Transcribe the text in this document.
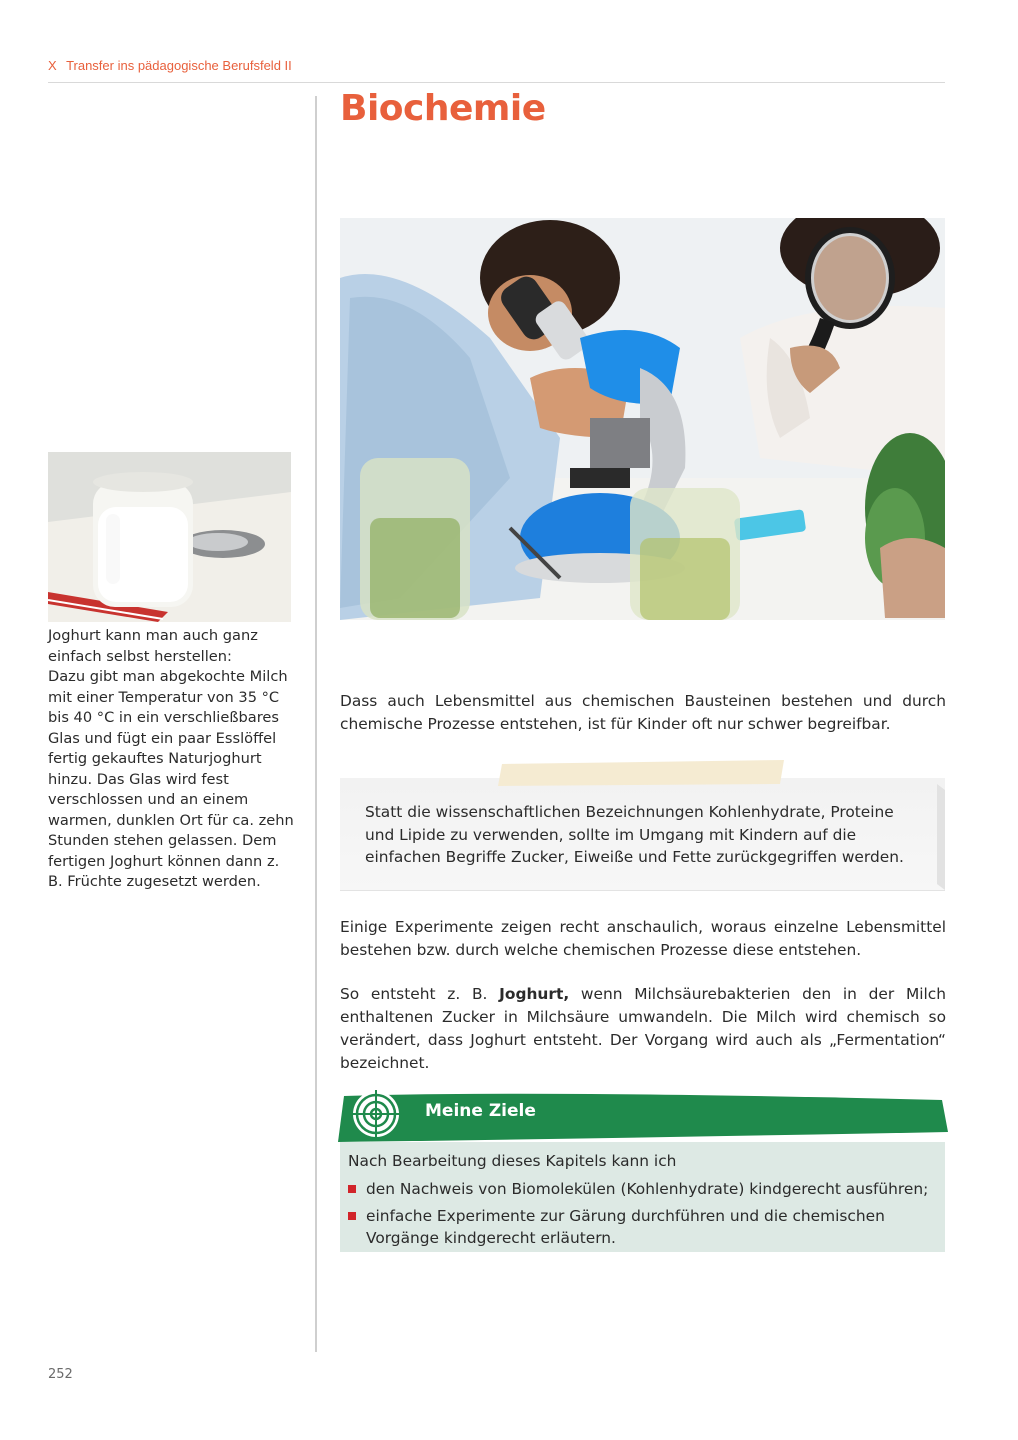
X Transfer ins pädagogische Berufsfeld II
Biochemie

Joghurt kann man auch ganz einfach selbst herstellen:

Dazu gibt man abgekochte Milch mit einer Temperatur von 35 °C bis 40 °C in ein verschließbares Glas und fügt ein paar Esslöffel fertig gekauftes Naturjoghurt hinzu. Das Glas wird fest verschlossen und an einem warmen, dunklen Ort für ca. zehn Stunden stehen gelassen. Dem fertigen Joghurt können dann z. B. Früchte zugesetzt werden.

Dass auch Lebensmittel aus chemischen Bausteinen bestehen und durch chemische Prozesse entstehen, ist für Kinder oft nur schwer begreifbar.

Statt die wissenschaftlichen Bezeichnungen Kohlenhydrate, Proteine und Lipide zu verwenden, sollte im Umgang mit Kindern auf die einfachen Begriffe Zucker, Eiweiße und Fette zurückgegriffen werden.

Einige Experimente zeigen recht anschaulich, woraus einzelne Lebensmittel bestehen bzw. durch welche chemischen Prozesse diese entstehen.

So entsteht z. B. Joghurt, wenn Milchsäurebakterien den in der Milch enthaltenen Zucker in Milchsäure umwandeln. Die Milch wird chemisch so verändert, dass Joghurt entsteht. Der Vorgang wird auch als „Fermentation“ bezeichnet.

Meine Ziele
Nach Bearbeitung dieses Kapitels kann ich
den Nachweis von Biomolekülen (Kohlenhydrate) kindgerecht ausführen;
einfache Experimente zur Gärung durchführen und die chemischen Vorgänge kindgerecht erläutern.
252
